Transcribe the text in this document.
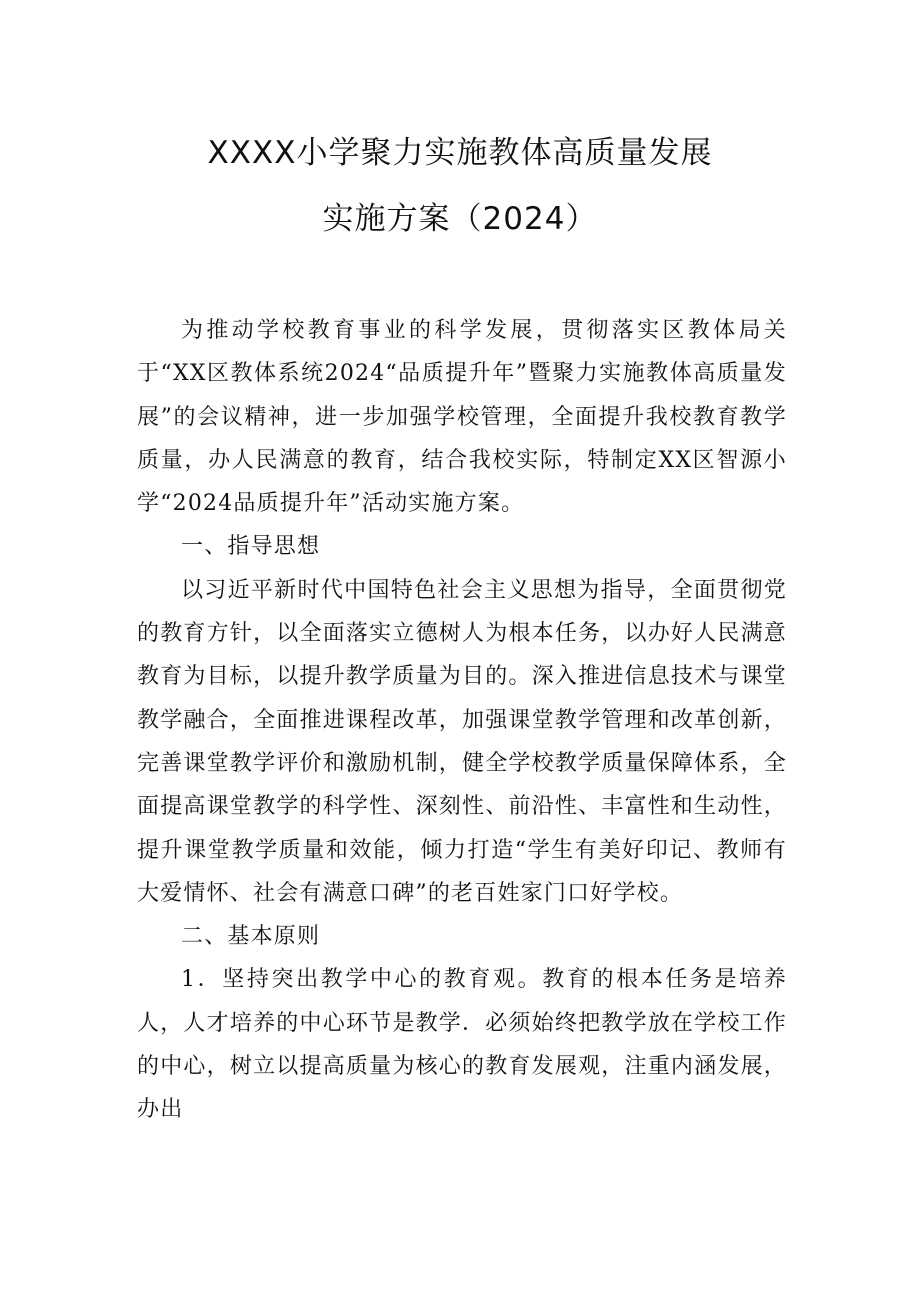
XXXX小学聚力实施教体高质量发展
实施方案（2024）

为推动学校教育事业的科学发展，贯彻落实区教体局关于“XX区教体系统2024“品质提升年”暨聚力实施教体高质量发展”的会议精神，进一步加强学校管理，全面提升我校教育教学质量，办人民满意的教育，结合我校实际，特制定XX区智源小学“2024品质提升年”活动实施方案。

一、指导思想

以习近平新时代中国特色社会主义思想为指导，全面贯彻党的教育方针，以全面落实立德树人为根本任务，以办好人民满意教育为目标，以提升教学质量为目的。深入推进信息技术与课堂教学融合，全面推进课程改革，加强课堂教学管理和改革创新，完善课堂教学评价和激励机制，健全学校教学质量保障体系，全面提高课堂教学的科学性、深刻性、前沿性、丰富性和生动性，提升课堂教学质量和效能，倾力打造“学生有美好印记、教师有大爱情怀、社会有满意口碑”的老百姓家门口好学校。

二、基本原则

1．坚持突出教学中心的教育观。教育的根本任务是培养人，人才培养的中心环节是教学．必须始终把教学放在学校工作的中心，树立以提高质量为核心的教育发展观，注重内涵发展，办出
